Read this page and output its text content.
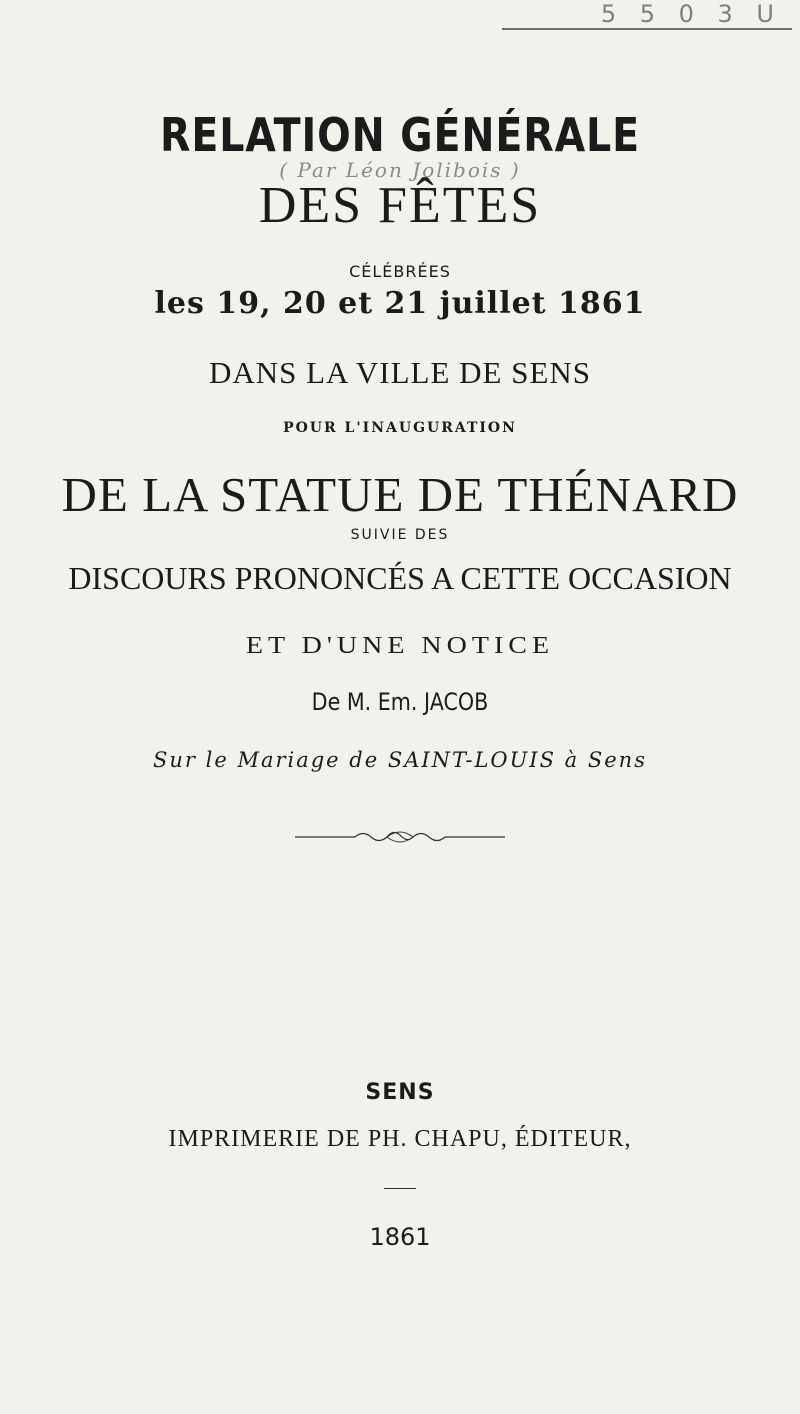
5 5 0 3 U
RELATION GÉNÉRALE
( Par Léon Jolibois )
DES FÊTES
CÉLÉBRÉES
les 19, 20 et 21 juillet 1861
DANS LA VILLE DE SENS
POUR L'INAUGURATION
DE LA STATUE DE THÉNARD
SUIVIE DES
DISCOURS PRONONCÉS A CETTE OCCASION
ET D'UNE NOTICE
De M. Em. JACOB
Sur le Mariage de SAINT-LOUIS à Sens
SENS
IMPRIMERIE DE PH. CHAPU, ÉDITEUR,
1861
